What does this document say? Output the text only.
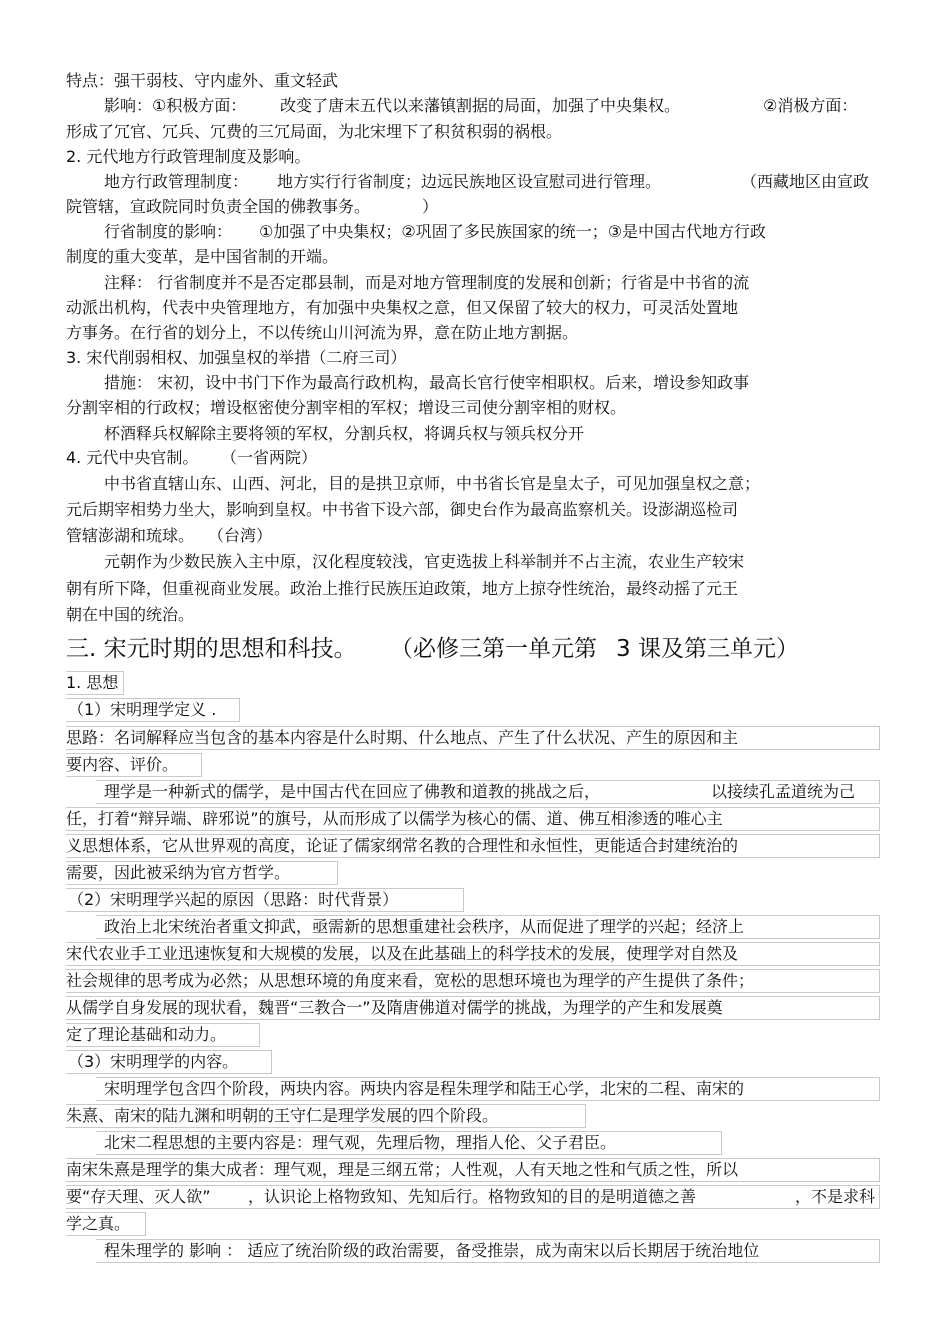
特点：强干弱枝、守内虚外、重文轻武
影响：①积极方面： 改变了唐末五代以来藩镇割据的局面，加强了中央集权。	②消极方面：
形成了冗官、冗兵、冗费的三冗局面，为北宋埋下了积贫积弱的祸根。
2. 元代地方行政管理制度及影响。
地方行政管理制度： 地方实行行省制度；边远民族地区设宣慰司进行管理。	（西藏地区由宣政
院管辖，宣政院同时负责全国的佛教事务。	）
行省制度的影响： ①加强了中央集权；②巩固了多民族国家的统一；③是中国古代地方行政
制度的重大变革，是中国省制的开端。
注释： 行省制度并不是否定郡县制，而是对地方管理制度的发展和创新；行省是中书省的流
动派出机构，代表中央管理地方，有加强中央集权之意，但又保留了较大的权力，可灵活处置地
方事务。在行省的划分上，不以传统山川河流为界，意在防止地方割据。
3. 宋代削弱相权、加强皇权的举措（二府三司）
措施： 宋初，设中书门下作为最高行政机构，最高长官行使宰相职权。后来，增设参知政事
分割宰相的行政权；增设枢密使分割宰相的军权；增设三司使分割宰相的财权。
杯酒释兵权解除主要将领的军权，分割兵权，将调兵权与领兵权分开
4. 元代中央官制。 （一省两院）
中书省直辖山东、山西、河北，目的是拱卫京师，中书省长官是皇太子，可见加强皇权之意；
元后期宰相势力坐大，影响到皇权。中书省下设六部，御史台作为最高监察机关。设澎湖巡检司
管辖澎湖和琉球。 （台湾）
元朝作为少数民族入主中原，汉化程度较浅，官吏选拔上科举制并不占主流，农业生产较宋
朝有所下降，但重视商业发展。政治上推行民族压迫政策，地方上掠夺性统治，最终动摇了元王
朝在中国的统治。
三. 宋元时期的思想和科技。 （必修三第一单元第 3 课及第三单元）
1. 思想
（1）宋明理学定义 .
思路：名词解释应当包含的基本内容是什么时期、什么地点、产生了什么状况、产生的原因和主
要内容、评价。
理学是一种新式的儒学，是中国古代在回应了佛教和道教的挑战之后，	以接续孔孟道统为己
任，打着“辩异端、辟邪说”的旗号，从而形成了以儒学为核心的儒、道、佛互相渗透的唯心主
义思想体系，它从世界观的高度，论证了儒家纲常名教的合理性和永恒性，更能适合封建统治的
需要，因此被采纳为官方哲学。
（2）宋明理学兴起的原因（思路：时代背景）
政治上北宋统治者重文抑武，亟需新的思想重建社会秩序，从而促进了理学的兴起；经济上
宋代农业手工业迅速恢复和大规模的发展，以及在此基础上的科学技术的发展，使理学对自然及
社会规律的思考成为必然；从思想环境的角度来看，宽松的思想环境也为理学的产生提供了条件；
从儒学自身发展的现状看，魏晋“三教合一”及隋唐佛道对儒学的挑战，为理学的产生和发展奠
定了理论基础和动力。
（3）宋明理学的内容。
宋明理学包含四个阶段，两块内容。两块内容是程朱理学和陆王心学，北宋的二程、南宋的
朱熹、南宋的陆九渊和明朝的王守仁是理学发展的四个阶段。
北宋二程思想的主要内容是：理气观，先理后物，理指人伦、父子君臣。
南宋朱熹是理学的集大成者：理气观，理是三纲五常；人性观，人有天地之性和气质之性，所以
要“存天理、灭人欲” ，认识论上格物致知、先知后行。格物致知的目的是明道德之善	，不是求科
学之真。
程朱理学的 影响 ： 适应了统治阶级的政治需要，备受推崇，成为南宋以后长期居于统治地位
